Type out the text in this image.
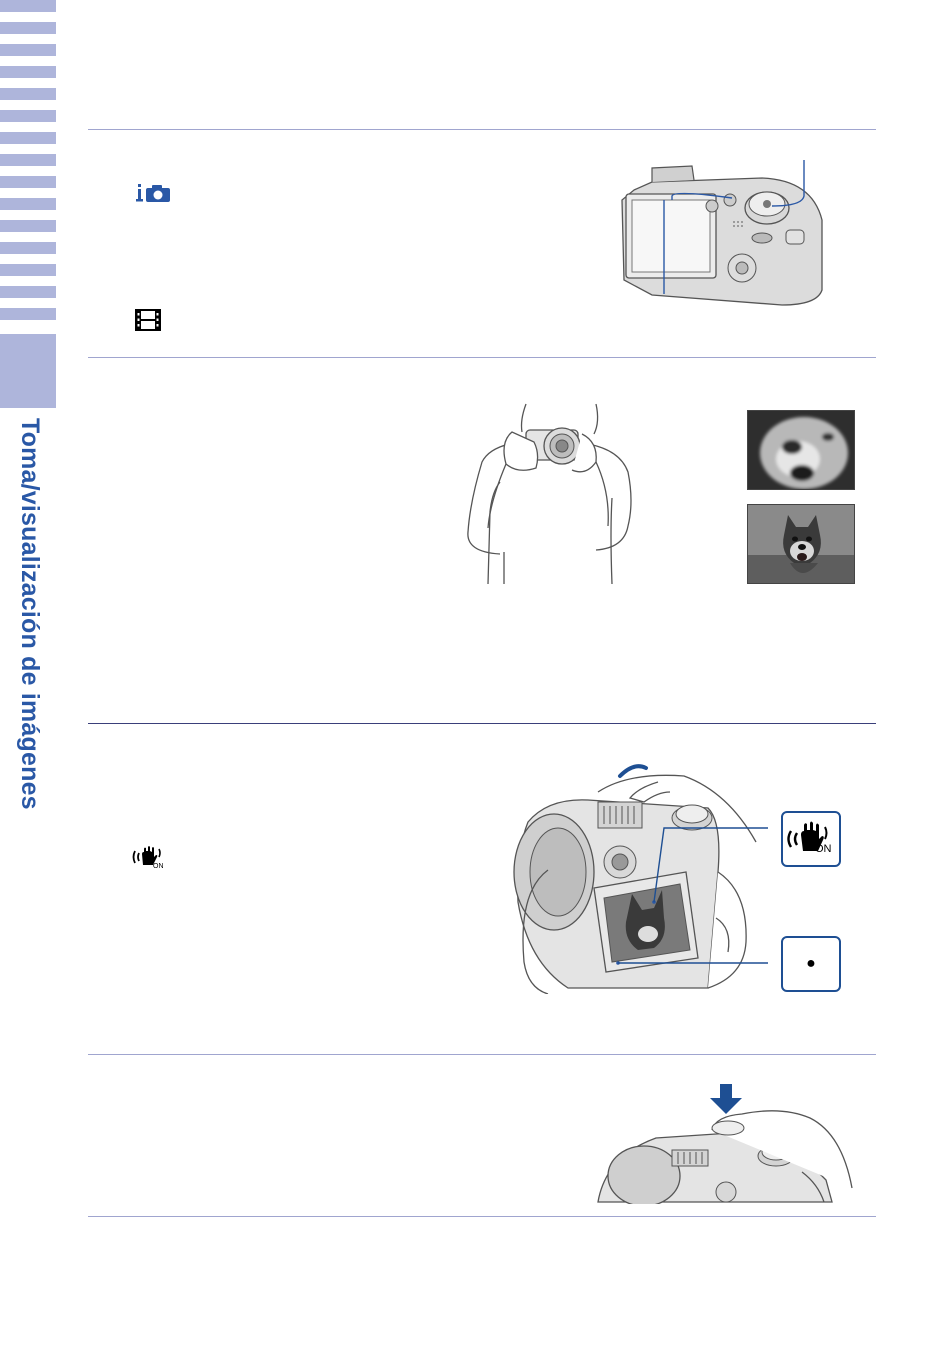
Toma/visualización de imágenes
ON
ON
●
